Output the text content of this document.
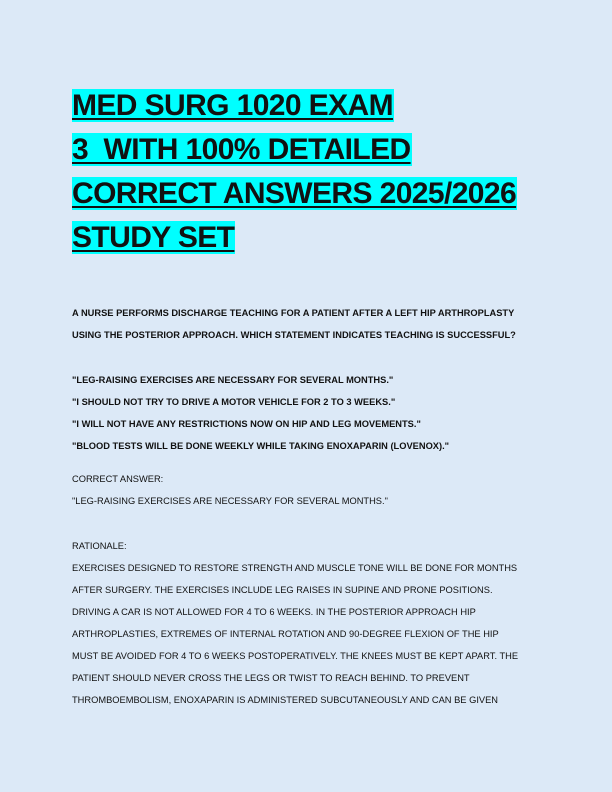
MED SURG 1020 EXAM
3  WITH 100% DETAILED
CORRECT ANSWERS 2025/2026
STUDY SET
A NURSE PERFORMS DISCHARGE TEACHING FOR A PATIENT AFTER A LEFT HIP ARTHROPLASTY
USING THE POSTERIOR APPROACH. WHICH STATEMENT INDICATES TEACHING IS SUCCESSFUL?
"LEG-RAISING EXERCISES ARE NECESSARY FOR SEVERAL MONTHS."
"I SHOULD NOT TRY TO DRIVE A MOTOR VEHICLE FOR 2 TO 3 WEEKS."
"I WILL NOT HAVE ANY RESTRICTIONS NOW ON HIP AND LEG MOVEMENTS."
"BLOOD TESTS WILL BE DONE WEEKLY WHILE TAKING ENOXAPARIN (LOVENOX)."
CORRECT ANSWER:
"LEG-RAISING EXERCISES ARE NECESSARY FOR SEVERAL MONTHS."
RATIONALE:
EXERCISES DESIGNED TO RESTORE STRENGTH AND MUSCLE TONE WILL BE DONE FOR MONTHS
AFTER SURGERY. THE EXERCISES INCLUDE LEG RAISES IN SUPINE AND PRONE POSITIONS.
DRIVING A CAR IS NOT ALLOWED FOR 4 TO 6 WEEKS. IN THE POSTERIOR APPROACH HIP
ARTHROPLASTIES, EXTREMES OF INTERNAL ROTATION AND 90-DEGREE FLEXION OF THE HIP
MUST BE AVOIDED FOR 4 TO 6 WEEKS POSTOPERATIVELY. THE KNEES MUST BE KEPT APART. THE
PATIENT SHOULD NEVER CROSS THE LEGS OR TWIST TO REACH BEHIND. TO PREVENT
THROMBOEMBOLISM, ENOXAPARIN IS ADMINISTERED SUBCUTANEOUSLY AND CAN BE GIVEN
